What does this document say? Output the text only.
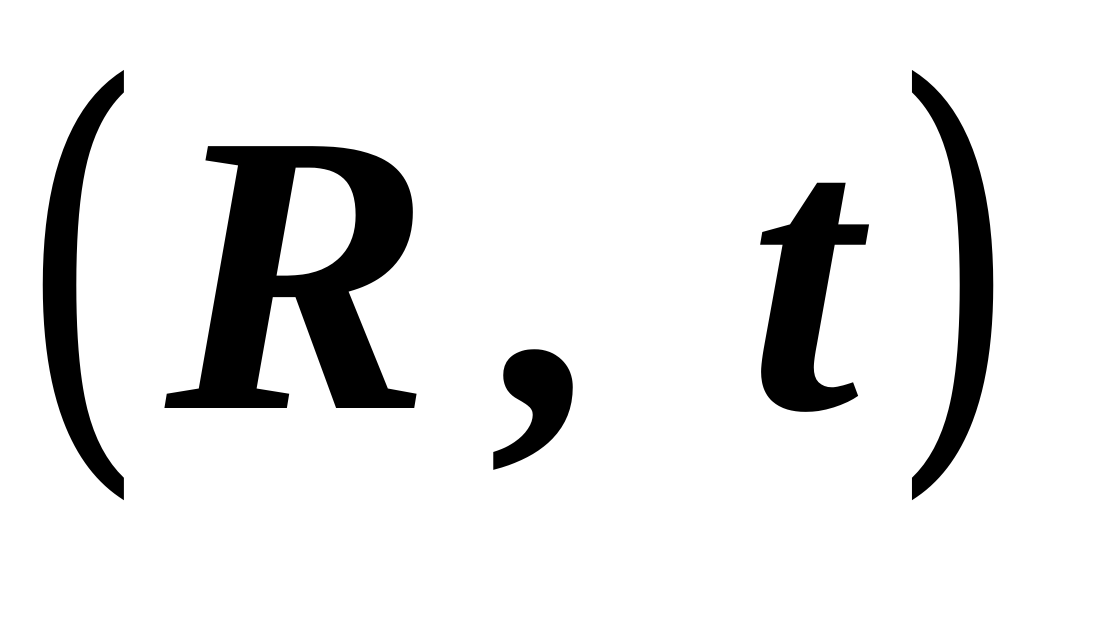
( R , t )
